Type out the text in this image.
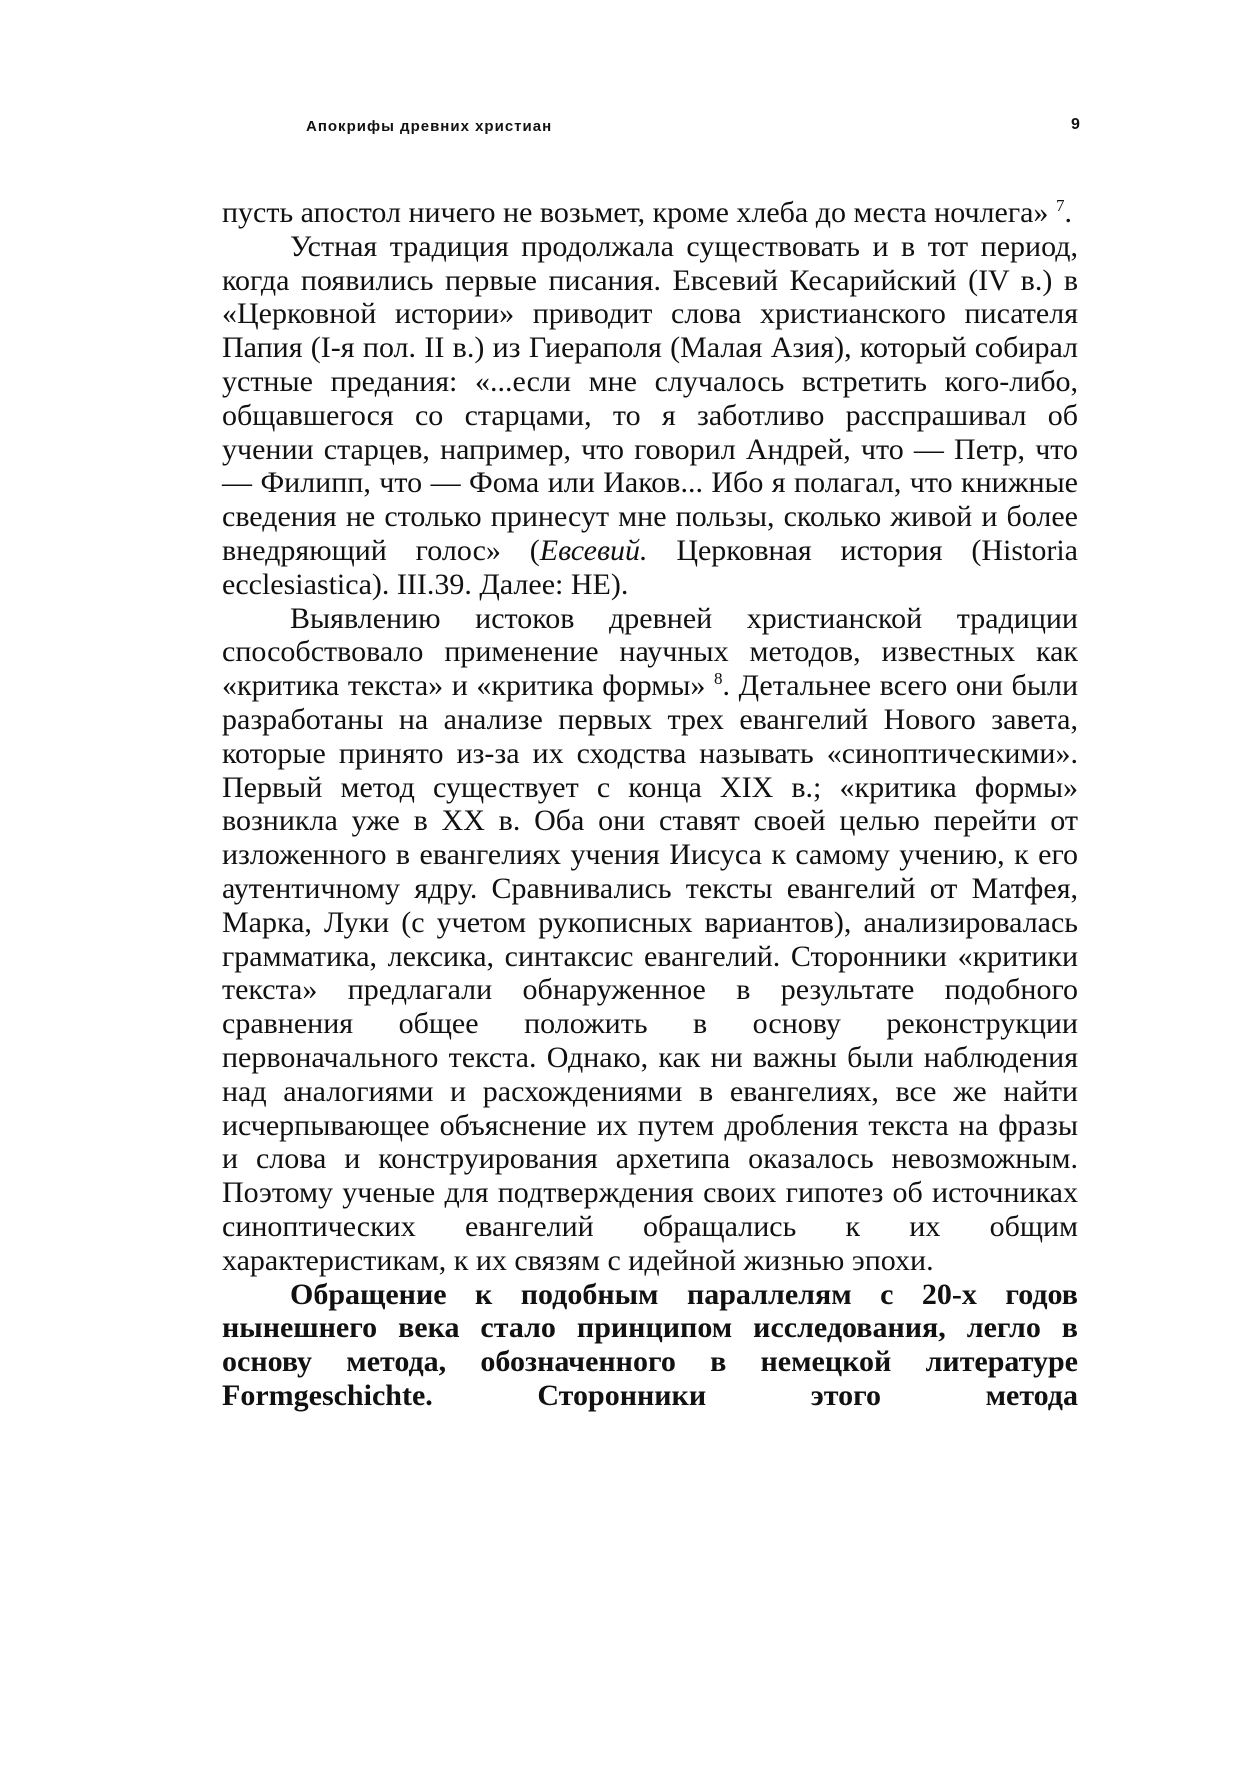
Апокрифы древних христиан	9

пусть апостол ничего не возьмет, кроме хлеба до места ночлега» $^7$.

Устная традиция продолжала существовать и в тот период, когда появились первые писания. Евсевий Кесарийский (IV в.) в «Церковной истории» приводит слова христианского писателя Папия (I-я пол. II в.) из Гиераполя (Малая Азия), который собирал устные предания: «...если мне случалось встретить кого-либо, общавшегося со старцами, то я заботливо расспрашивал об учении старцев, например, что говорил Андрей, что — Петр, что — Филипп, что — Фома или Иаков... Ибо я полагал, что книжные сведения не столько принесут мне пользы, сколько живой и более внедряющий голос» (Евсевий. Церковная история (Historia ecclesiastica). III.39. Далее: НЕ).

Выявлению истоков древней христианской традиции способствовало применение научных методов, известных как «критика текста» и «критика формы» $^8$. Детальнее всего они были разработаны на анализе первых трех евангелий Нового завета, которые принято из-за их сходства называть «синоптическими». Первый метод существует с конца XIX в.; «критика формы» возникла уже в XX в. Оба они ставят своей целью перейти от изложенного в евангелиях учения Иисуса к самому учению, к его аутентичному ядру. Сравнивались тексты евангелий от Матфея, Марка, Луки (с учетом рукописных вариантов), анализировалась грамматика, лексика, синтаксис евангелий. Сторонники «критики текста» предлагали обнаруженное в результате подобного сравнения общее положить в основу реконструкции первоначального текста. Однако, как ни важны были наблюдения над аналогиями и расхождениями в евангелиях, все же найти исчерпывающее объяснение их путем дробления текста на фразы и слова и конструирования архетипа оказалось невозможным. Поэтому ученые для подтверждения своих гипотез об источниках синоптических евангелий обращались к их общим характеристикам, к их связям с идейной жизнью эпохи.

Обращение к подобным параллелям с 20-х годов нынешнего века стало принципом исследования, легло в основу метода, обозначенного в немецкой литературе Formgeschichte. Сторонники этого метода
